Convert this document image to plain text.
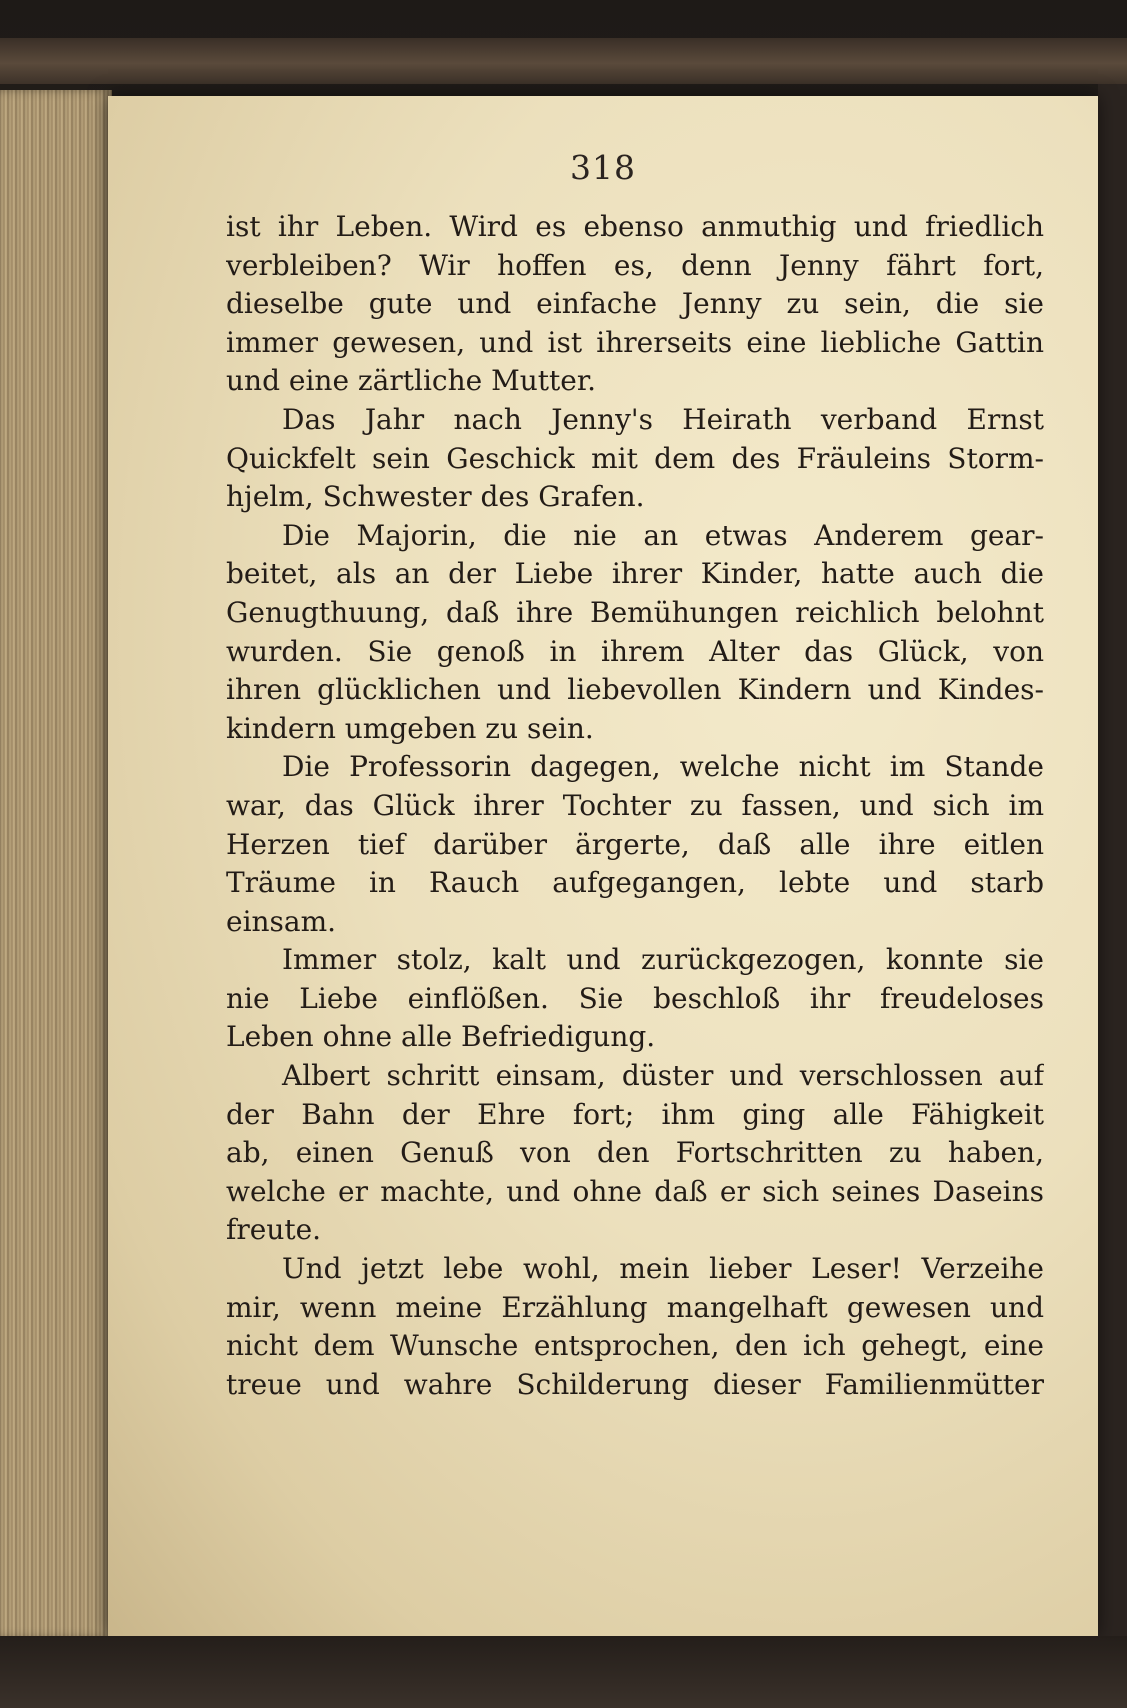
318
ist ihr Leben. Wird es ebenso anmuthig und friedlich
verbleiben? Wir hoffen es, denn Jenny fährt fort,
dieselbe gute und einfache Jenny zu sein, die sie
immer gewesen, und ist ihrerseits eine liebliche Gattin
und eine zärtliche Mutter.
Das Jahr nach Jenny's Heirath verband Ernst
Quickfelt sein Geschick mit dem des Fräuleins Storm-
hjelm, Schwester des Grafen.
Die Majorin, die nie an etwas Anderem gear-
beitet, als an der Liebe ihrer Kinder, hatte auch die
Genugthuung, daß ihre Bemühungen reichlich belohnt
wurden. Sie genoß in ihrem Alter das Glück, von
ihren glücklichen und liebevollen Kindern und Kindes-
kindern umgeben zu sein.
Die Professorin dagegen, welche nicht im Stande
war, das Glück ihrer Tochter zu fassen, und sich im
Herzen tief darüber ärgerte, daß alle ihre eitlen
Träume in Rauch aufgegangen, lebte und starb
einsam.
Immer stolz, kalt und zurückgezogen, konnte sie
nie Liebe einflößen. Sie beschloß ihr freudeloses
Leben ohne alle Befriedigung.
Albert schritt einsam, düster und verschlossen auf
der Bahn der Ehre fort; ihm ging alle Fähigkeit
ab, einen Genuß von den Fortschritten zu haben,
welche er machte, und ohne daß er sich seines Daseins
freute.
Und jetzt lebe wohl, mein lieber Leser! Verzeihe
mir, wenn meine Erzählung mangelhaft gewesen und
nicht dem Wunsche entsprochen, den ich gehegt, eine
treue und wahre Schilderung dieser Familienmütter
